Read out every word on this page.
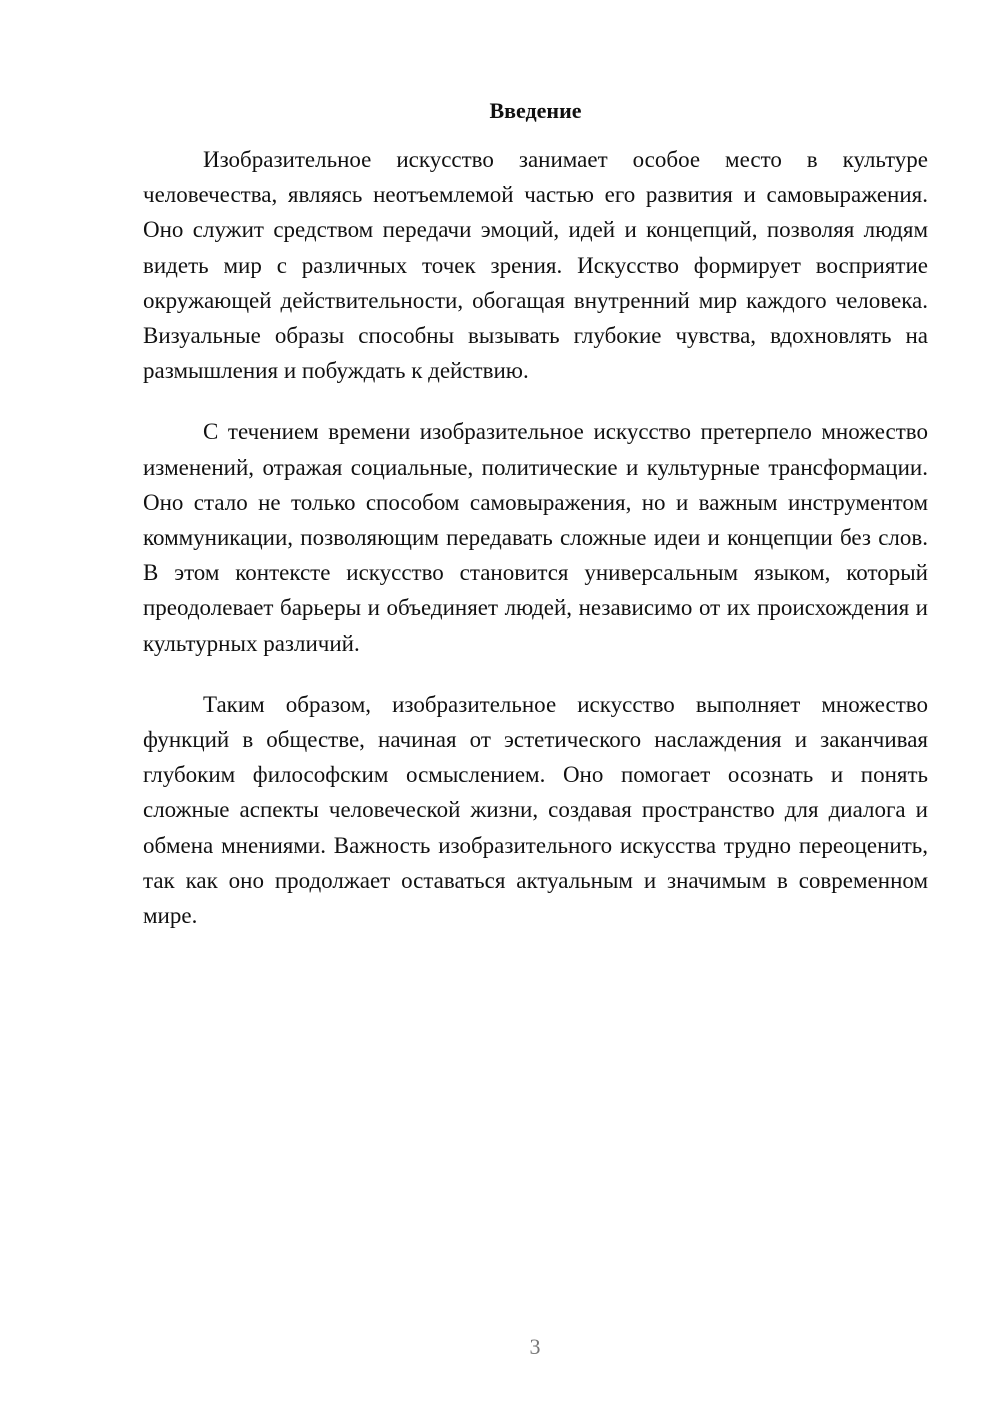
Введение

Изобразительное искусство занимает особое место в культуре человечества, являясь неотъемлемой частью его развития и самовыражения. Оно служит средством передачи эмоций, идей и концепций, позволяя людям видеть мир с различных точек зрения. Искусство формирует восприятие окружающей действительности, обогащая внутренний мир каждого человека. Визуальные образы способны вызывать глубокие чувства, вдохновлять на размышления и побуждать к действию.

С течением времени изобразительное искусство претерпело множество изменений, отражая социальные, политические и культурные трансформации. Оно стало не только способом самовыражения, но и важным инструментом коммуникации, позволяющим передавать сложные идеи и концепции без слов. В этом контексте искусство становится универсальным языком, который преодолевает барьеры и объединяет людей, независимо от их происхождения и культурных различий.

Таким образом, изобразительное искусство выполняет множество функций в обществе, начиная от эстетического наслаждения и заканчивая глубоким философским осмыслением. Оно помогает осознать и понять сложные аспекты человеческой жизни, создавая пространство для диалога и обмена мнениями. Важность изобразительного искусства трудно переоценить, так как оно продолжает оставаться актуальным и значимым в современном мире.

3
